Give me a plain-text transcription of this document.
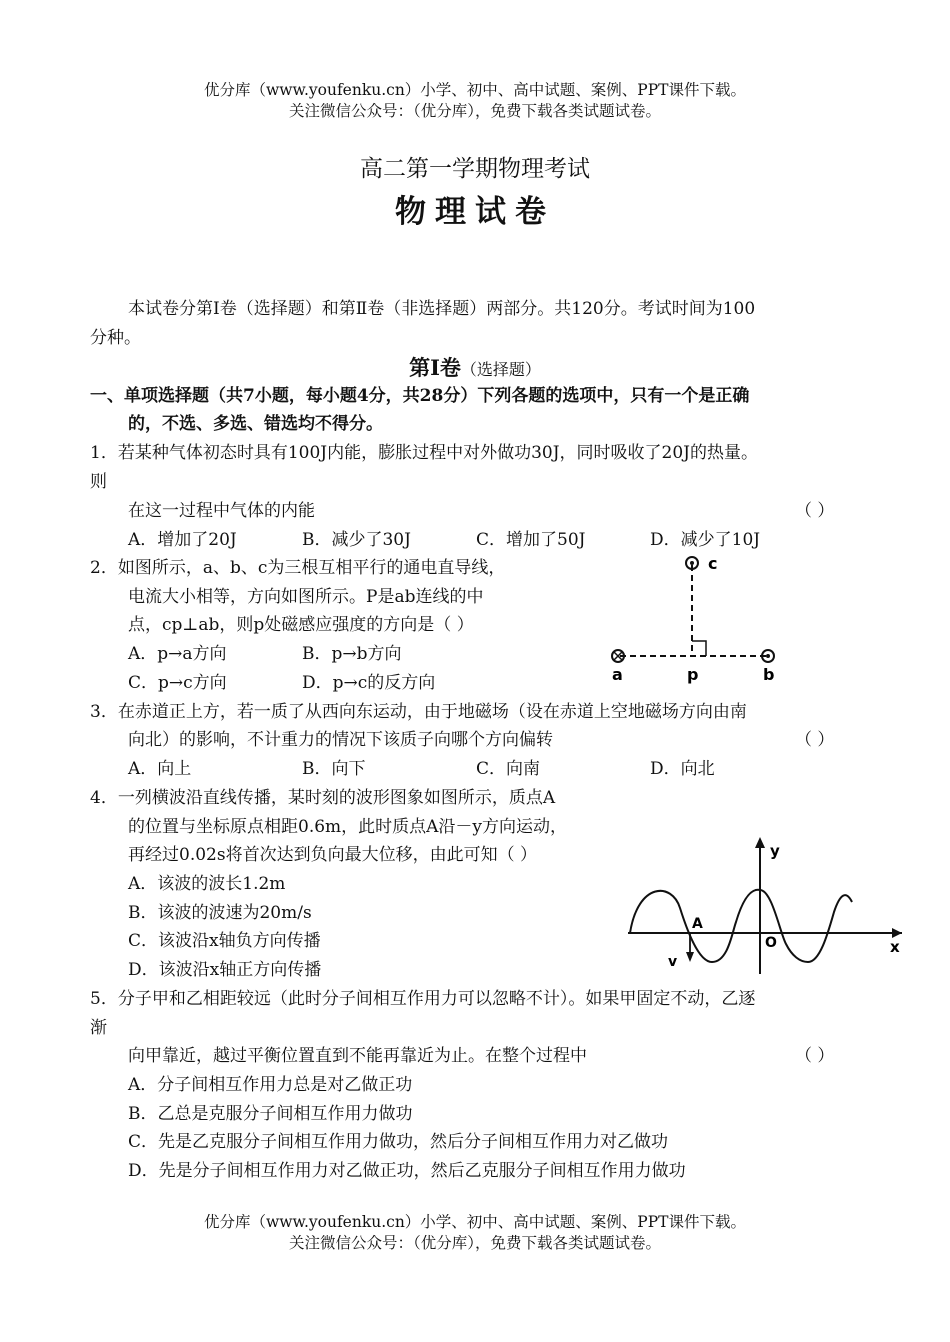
优分库（www.youfenku.cn）小学、初中、高中试题、案例、PPT课件下载。
关注微信公众号：（优分库），免费下载各类试题试卷。
高二第一学期物理考试
物理试卷
本试卷分第Ⅰ卷（选择题）和第Ⅱ卷（非选择题）两部分。共120分。考试时间为100
分种。
第Ⅰ卷（选择题）
一、单项选择题（共7小题，每小题4分，共28分）下列各题的选项中，只有一个是正确
的，不选、多选、错选均不得分。
1．若某种气体初态时具有100J内能，膨胀过程中对外做功30J，同时吸收了20J的热量。
则
在这一过程中气体的内能	（ ）
A．增加了20J	B．减少了30J	C．增加了50J	D．减少了10J
2．如图所示，a、b、c为三根互相平行的通电直导线，
电流大小相等，方向如图所示。P是ab连线的中
点，cp⊥ab，则p处磁感应强度的方向是（ ）
A．p→a方向	B．p→b方向
C．p→c方向	D．p→c的反方向
c
a	p	b
3．在赤道正上方，若一质了从西向东运动，由于地磁场（设在赤道上空地磁场方向由南
向北）的影响，不计重力的情况下该质子向哪个方向偏转	（ ）
A．向上	B．向下	C．向南	D．向北
4．一列横波沿直线传播，某时刻的波形图象如图所示，质点A
的位置与坐标原点相距0.6m，此时质点A沿－y方向运动，
再经过0.02s将首次达到负向最大位移，由此可知（ ）
A．该波的波长1.2m
B．该波的波速为20m/s
C．该波沿x轴负方向传播
D．该波沿x轴正方向传播
y
x
A
O
v
5．分子甲和乙相距较远（此时分子间相互作用力可以忽略不计）。如果甲固定不动，乙逐
渐
向甲靠近，越过平衡位置直到不能再靠近为止。在整个过程中	（ ）
A．分子间相互作用力总是对乙做正功
B．乙总是克服分子间相互作用力做功
C．先是乙克服分子间相互作用力做功，然后分子间相互作用力对乙做功
D．先是分子间相互作用力对乙做正功，然后乙克服分子间相互作用力做功
优分库（www.youfenku.cn）小学、初中、高中试题、案例、PPT课件下载。
关注微信公众号：（优分库），免费下载各类试题试卷。
